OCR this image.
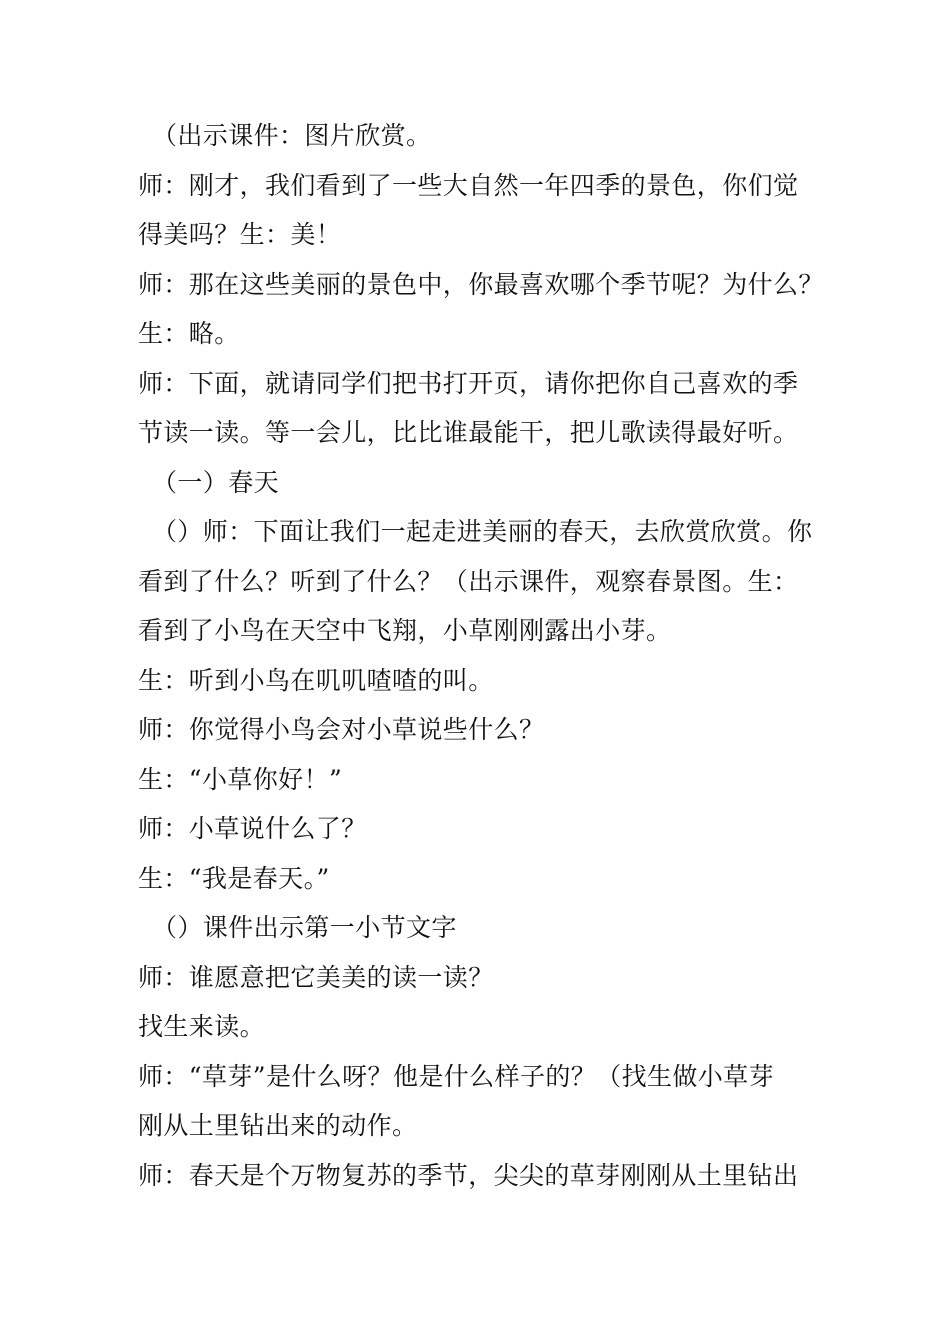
（出示课件：图片欣赏。
师：刚才，我们看到了一些大自然一年四季的景色，你们觉
得美吗？生：美！
师：那在这些美丽的景色中，你最喜欢哪个季节呢？为什么？
生：略。
师：下面，就请同学们把书打开页，请你把你自己喜欢的季
节读一读。等一会儿，比比谁最能干，把儿歌读得最好听。
（一）春天
（）师：下面让我们一起走进美丽的春天，去欣赏欣赏。你
看到了什么？听到了什么？（出示课件，观察春景图。生：
看到了小鸟在天空中飞翔，小草刚刚露出小芽。
生：听到小鸟在叽叽喳喳的叫。
师：你觉得小鸟会对小草说些什么？
生：“小草你好！”
师：小草说什么了？
生：“我是春天。”
（）课件出示第一小节文字
师：谁愿意把它美美的读一读？
找生来读。
师：“草芽”是什么呀？他是什么样子的？（找生做小草芽
刚从土里钻出来的动作。
师：春天是个万物复苏的季节，尖尖的草芽刚刚从土里钻出
